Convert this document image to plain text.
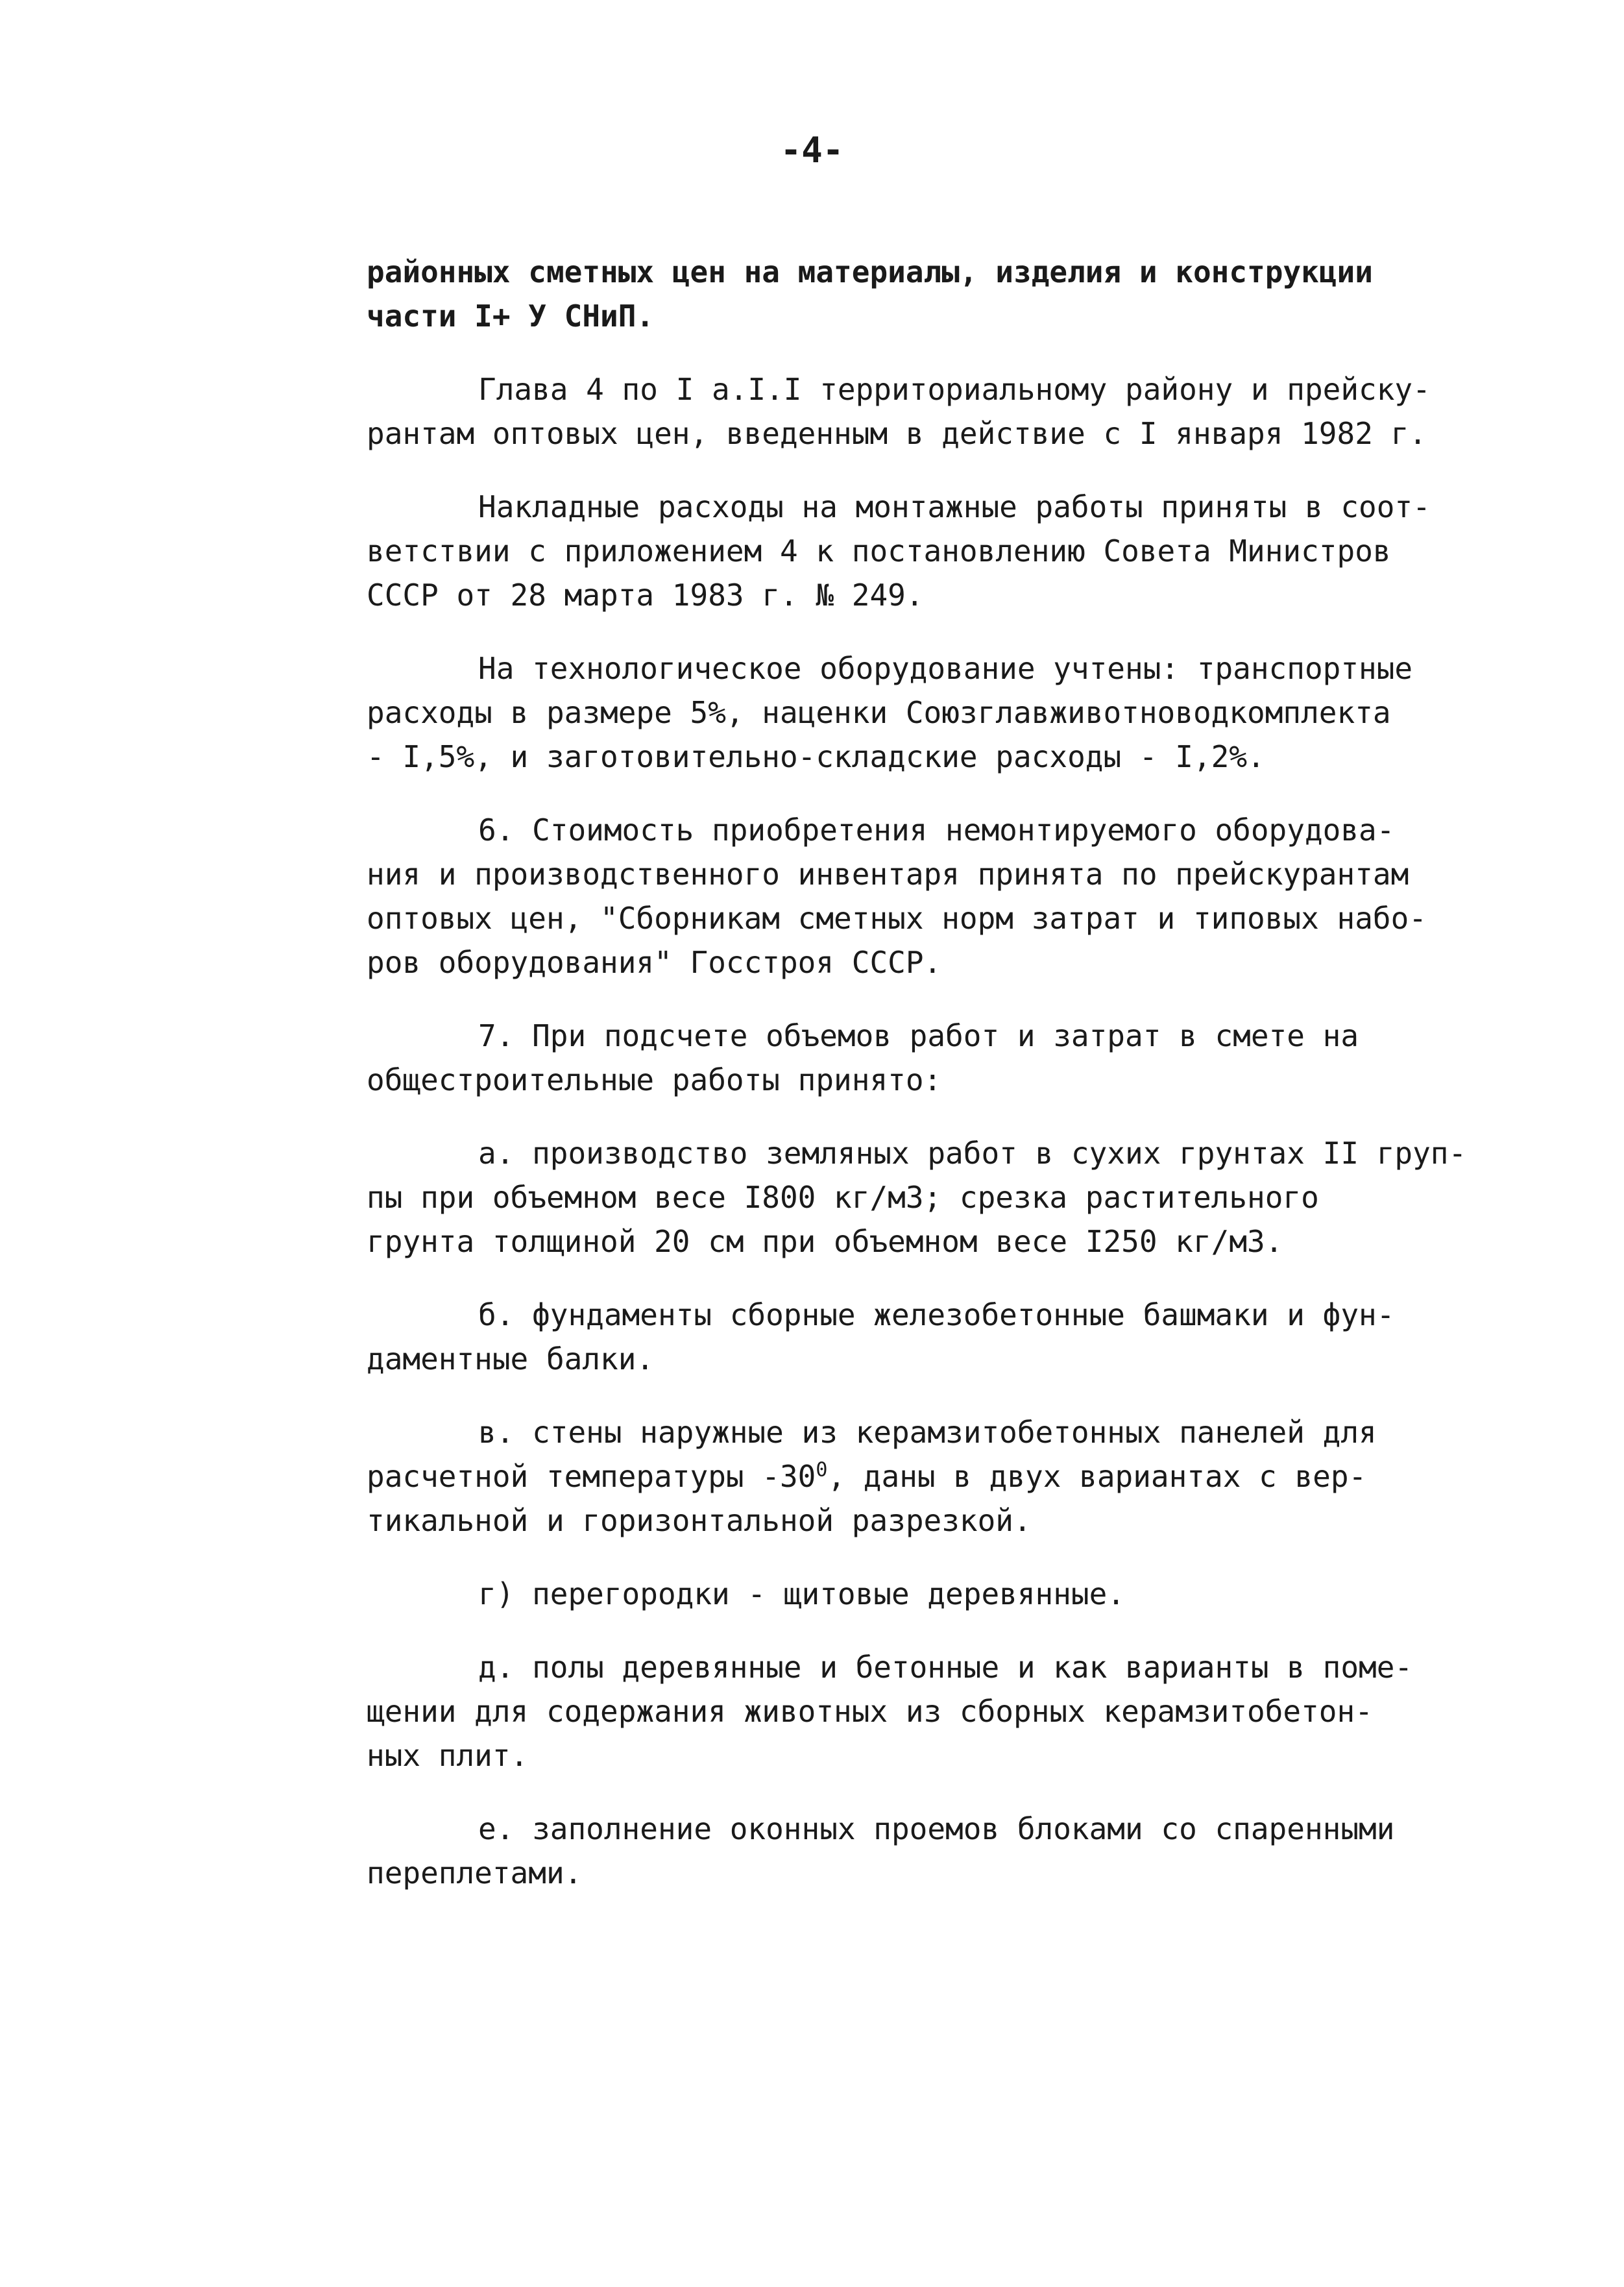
-4-

районных сметных цен на материалы, изделия и конструкции
части I+ У СНиП.

Глава 4 по I а.I.I территориальному району и прейску-
рантам оптовых цен, введенным в действие с I января 1982 г.

Накладные расходы на монтажные работы приняты в соот-
ветствии с приложением 4 к постановлению Совета Министров
СССР от 28 марта 1983 г. № 249.

На технологическое оборудование учтены: транспортные
расходы в размере 5%, наценки Союзглавживотноводкомплекта
- I,5%, и заготовительно-складские расходы - I,2%.

6. Стоимость приобретения немонтируемого оборудова-
ния и производственного инвентаря принята по прейскурантам
оптовых цен, "Сборникам сметных норм затрат и типовых набо-
ров оборудования" Госстроя СССР.

7. При подсчете объемов работ и затрат в смете на
общестроительные работы принято:

а. производство земляных работ в сухих грунтах II груп-
пы при объемном весе I800 кг/м3; срезка растительного
грунта толщиной 20 см при объемном весе I250 кг/м3.

б. фундаменты сборные железобетонные башмаки и фун-
даментные балки.

в. стены наружные из керамзитобетонных панелей для
расчетной температуры $-30^0$, даны в двух вариантах с вер-
тикальной и горизонтальной разрезкой.

г) перегородки - щитовые деревянные.

д. полы деревянные и бетонные и как варианты в поме-
щении для содержания животных из сборных керамзитобетон-
ных плит.

е. заполнение оконных проемов блоками со спаренными
переплетами.
